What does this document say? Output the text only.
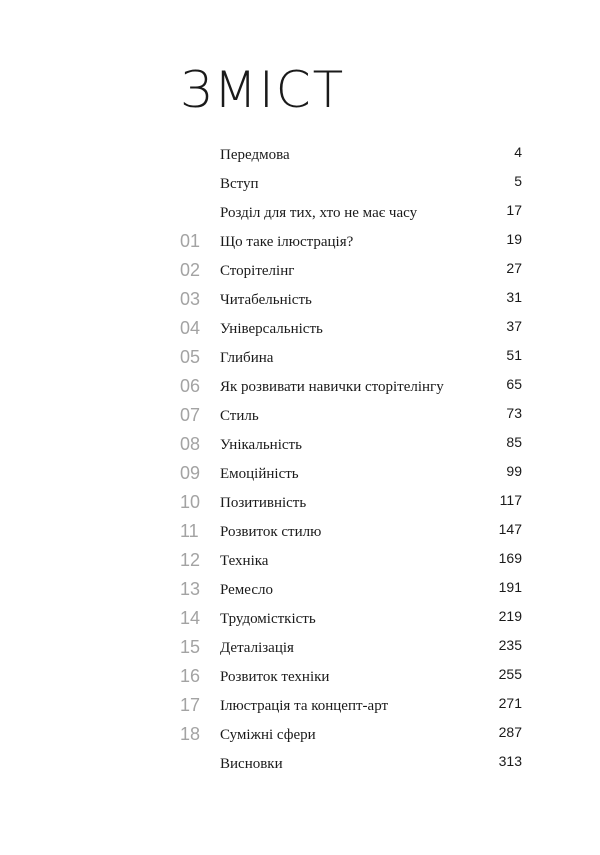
ЗМІСТ
Передмова	4
Вступ	5
Розділ для тих, хто не має часу	17
01 Що таке ілюстрація?	19
02 Сторітелінг	27
03 Читабельність	31
04 Універсальність	37
05 Глибина	51
06 Як розвивати навички сторітелінгу	65
07 Стиль	73
08 Унікальність	85
09 Емоційність	99
10 Позитивність	117
11 Розвиток стилю	147
12 Техніка	169
13 Ремесло	191
14 Трудомісткість	219
15 Деталізація	235
16 Розвиток техніки	255
17 Ілюстрація та концепт-арт	271
18 Суміжні сфери	287
Висновки	313
